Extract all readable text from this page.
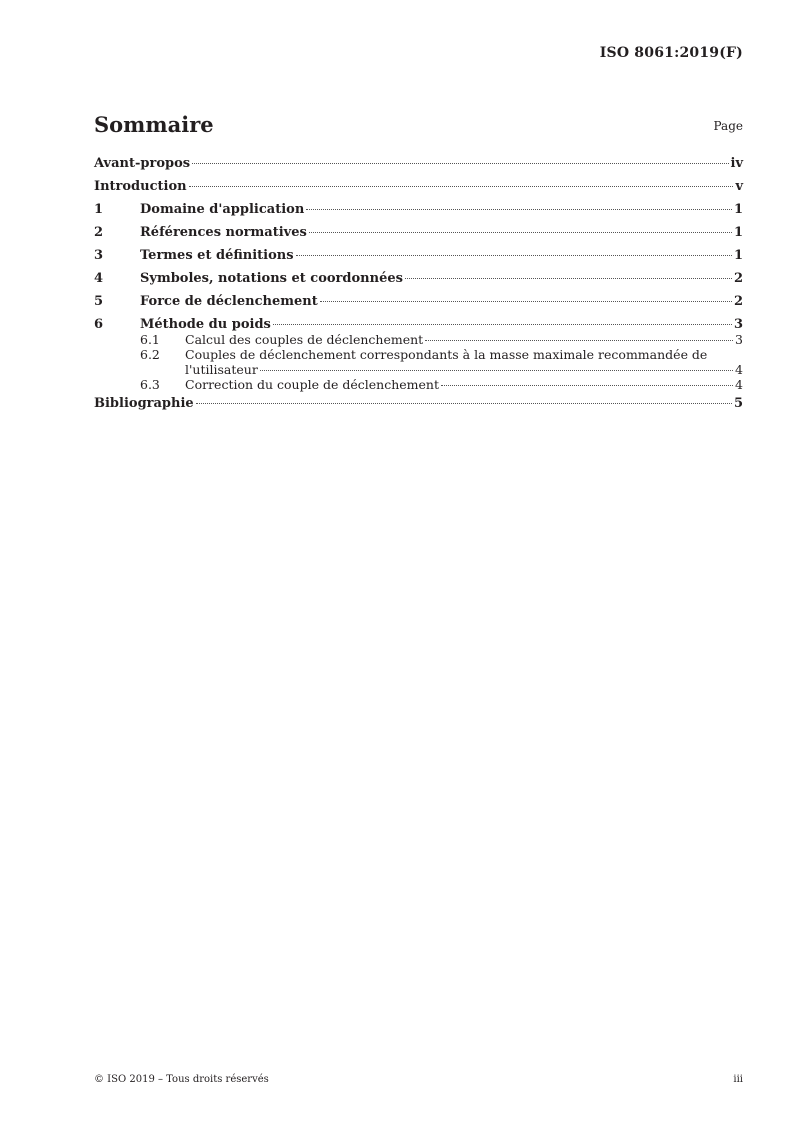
ISO 8061:2019(F)
Sommaire	Page
Avant-propos	iv
Introduction	v
1	Domaine d'application	1
2	Références normatives	1
3	Termes et définitions	1
4	Symboles, notations et coordonnées	2
5	Force de déclenchement	2
6	Méthode du poids	3
6.1	Calcul des couples de déclenchement	3
6.2	Couples de déclenchement correspondants à la masse maximale recommandée de
l'utilisateur	4
6.3	Correction du couple de déclenchement	4
Bibliographie	5
© ISO 2019 – Tous droits réservés	iii
